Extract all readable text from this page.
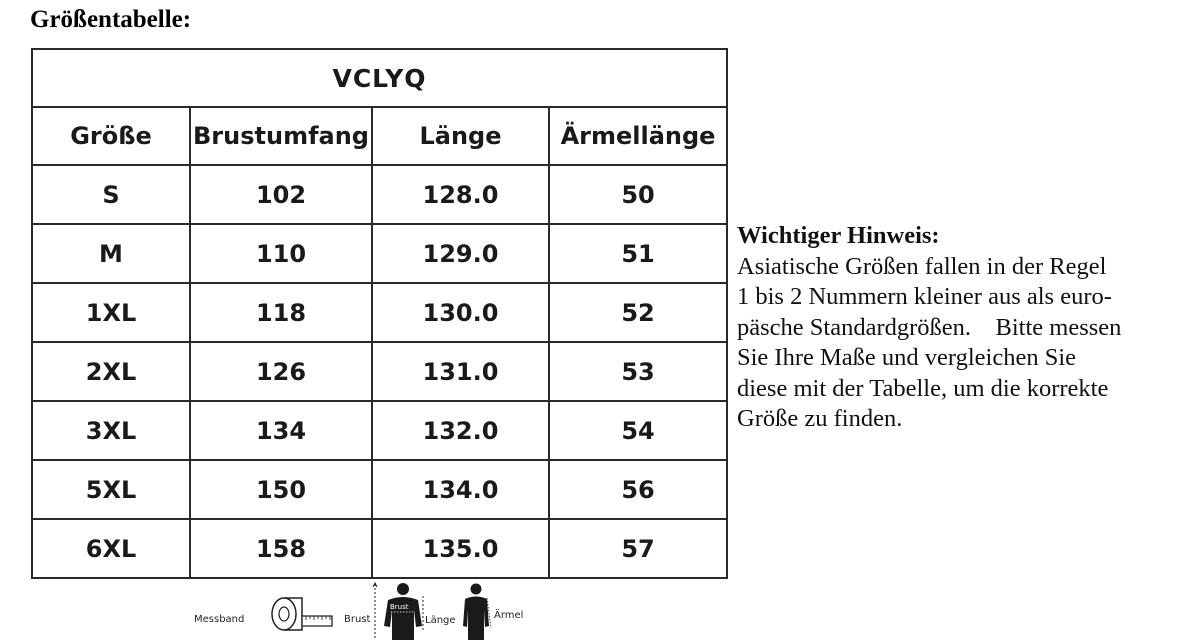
Größentabelle:
VCLYQ			
Größe	Brustumfang	Länge	Ärmellänge
S	102	128.0	50
M	110	129.0	51
1XL	118	130.0	52
2XL	126	131.0	53
3XL	134	132.0	54
5XL	150	134.0	56
6XL	158	135.0	57
Wichtiger Hinweis:
Asiatische Größen fallen in der Regel
1 bis 2 Nummern kleiner aus als euro-
päsche Standardgrößen.    Bitte messen
Sie Ihre Maße und vergleichen Sie
diese mit der Tabelle, um die korrekte
Größe zu finden.
Messband	Brust
Brust
Länge	Ärmel
